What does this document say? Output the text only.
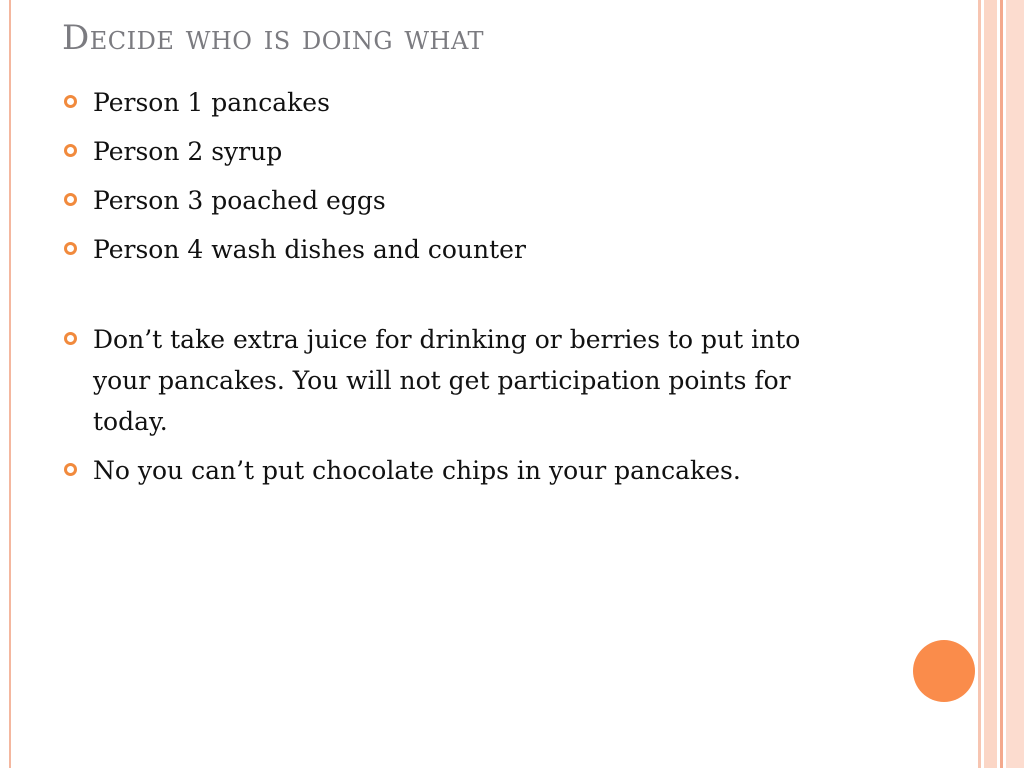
Decide who is doing what

Person 1 pancakes

Person 2 syrup

Person 3 poached eggs

Person 4 wash dishes and counter

Don’t take extra juice for drinking or berries to put into your pancakes. You will not get participation points for today.

No you can’t put chocolate chips in your pancakes.
